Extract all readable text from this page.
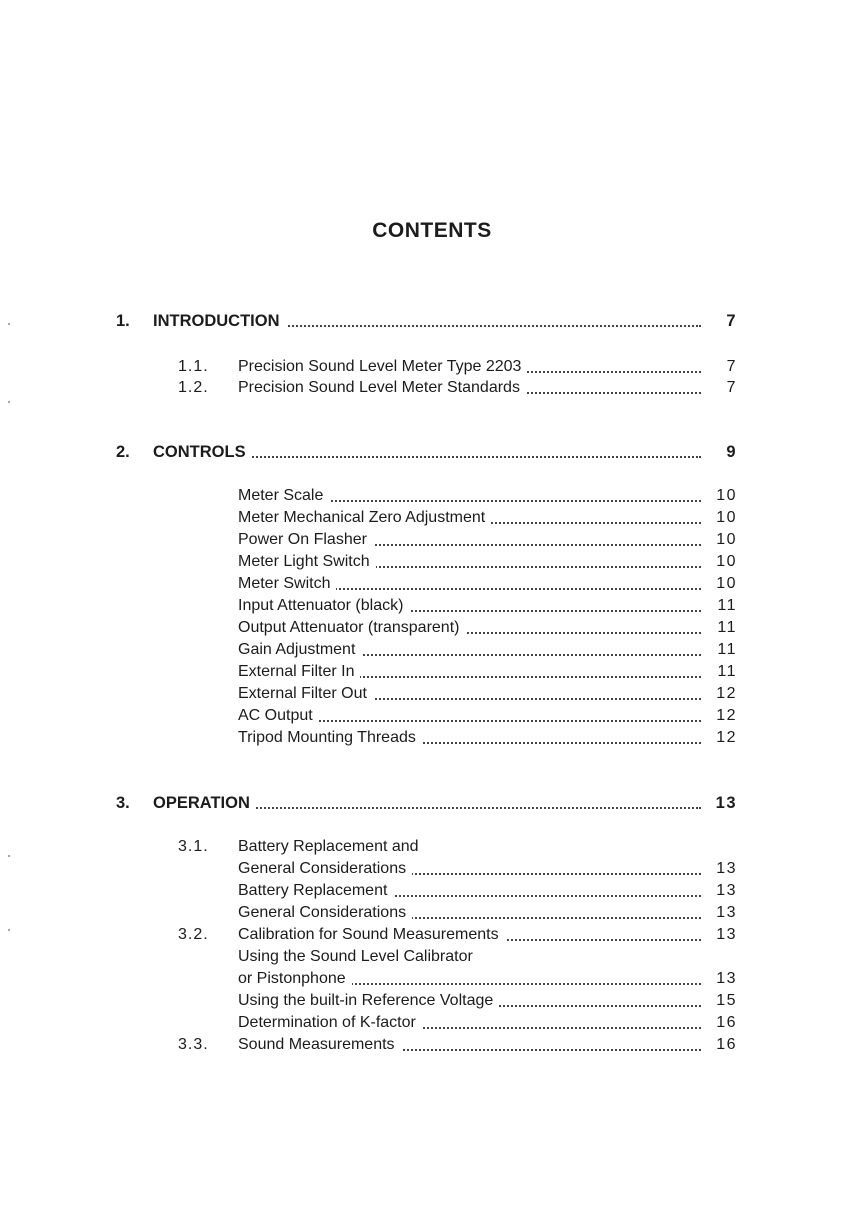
CONTENTS
1. INTRODUCTION	7
1.1. Precision Sound Level Meter Type 2203	7
1.2. Precision Sound Level Meter Standards	7
2. CONTROLS	9
Meter Scale	10
Meter Mechanical Zero Adjustment	10
Power On Flasher	10
Meter Light Switch	10
Meter Switch	10
Input Attenuator (black)	11
Output Attenuator (transparent)	11
Gain Adjustment	11
External Filter In	11
External Filter Out	12
AC Output	12
Tripod Mounting Threads	12
3. OPERATION	13
3.1. Battery Replacement and
General Considerations	13
Battery Replacement	13
General Considerations	13
3.2. Calibration for Sound Measurements	13
Using the Sound Level Calibrator
or Pistonphone	13
Using the built-in Reference Voltage	15
Determination of K-factor	16
3.3. Sound Measurements	16
